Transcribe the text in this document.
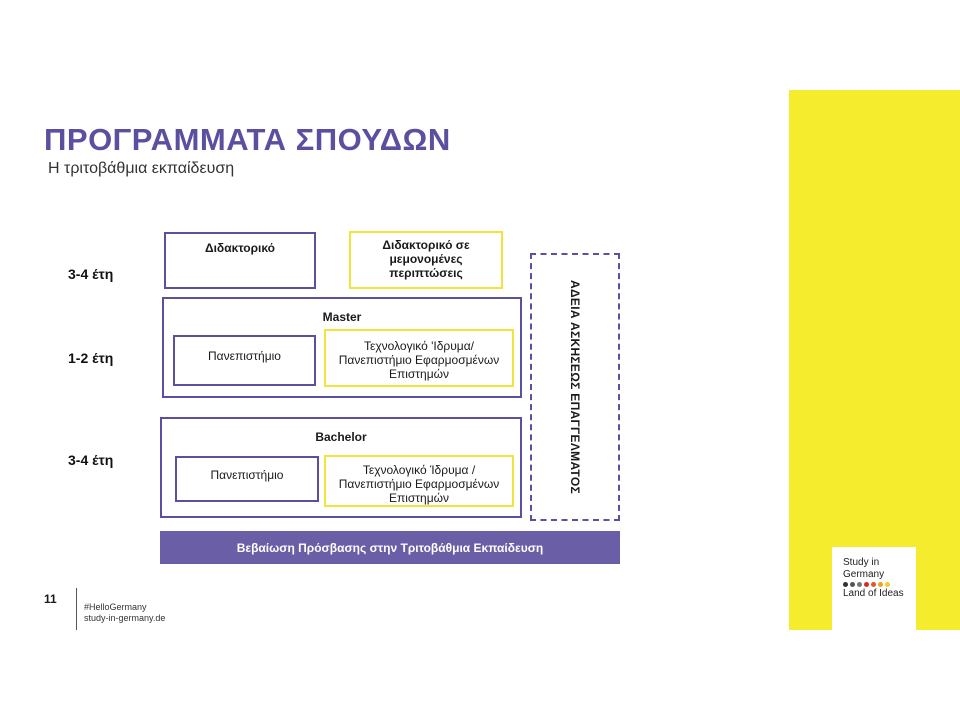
ΠΡΟΓΡΑΜΜΑΤΑ ΣΠΟΥΔΩΝ
Η τριτοβάθμια εκπαίδευση
Study in
Germany
Land of Ideas
3-4 έτη
1-2 έτη
3-4 έτη
Διδακτορικό	Διδακτορικό σε
μεμονομένες
περιπτώσεις
Master
Πανεπιστήμιο
Τεχνολογικό 'Ιδρυμα/
Πανεπιστήμιο Εφαρμοσμένων
Επιστημών
Bachelor
Πανεπιστήμιο	Τεχνολογικό Ίδρυμα /
Πανεπιστήμιο Εφαρμοσμένων
Επιστημών
ΑΔΕΙΑ ΑΣΚΗΣΕΩΣ ΕΠΑΓΓΕΛΜΑΤΟΣ
Βεβαίωση Πρόσβασης στην Τριτοβάθμια Εκπαίδευση
11
#HelloGermany
study-in-germany.de
